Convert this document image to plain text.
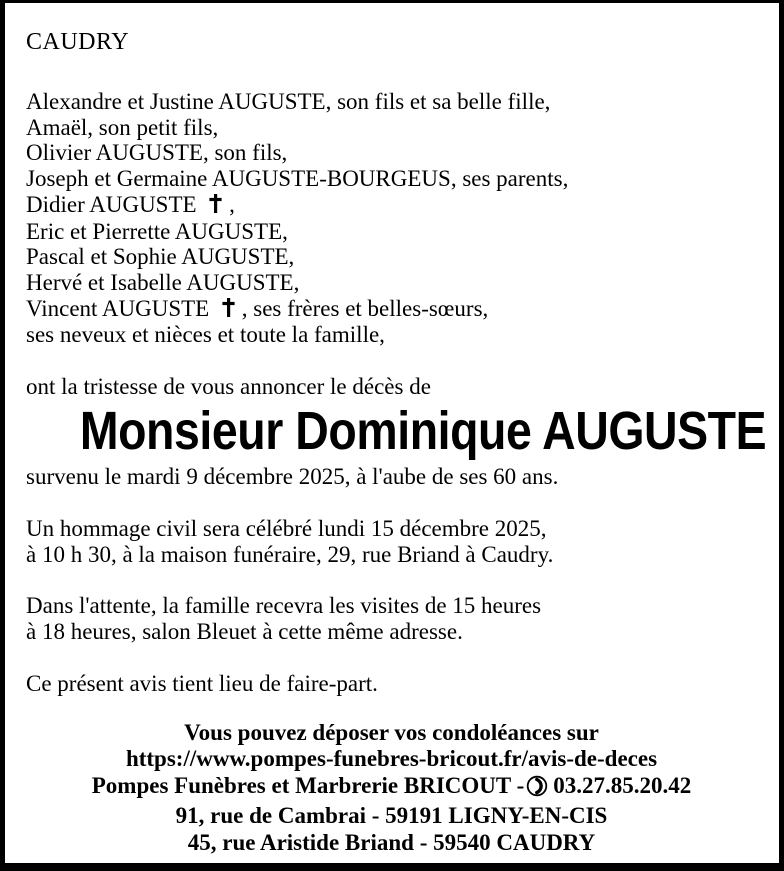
CAUDRY
Alexandre et Justine AUGUSTE, son fils et sa belle fille,
Amaël, son petit fils,
Olivier AUGUSTE, son fils,
Joseph et Germaine AUGUSTE-BOURGEUS, ses parents,
Didier AUGUSTE ,
Eric et Pierrette AUGUSTE,
Pascal et Sophie AUGUSTE,
Hervé et Isabelle AUGUSTE,
Vincent AUGUSTE , ses frères et belles-sœurs,
ses neveux et nièces et toute la famille,
ont la tristesse de vous annoncer le décès de
Monsieur Dominique AUGUSTE
survenu le mardi 9 décembre 2025, à l'aube de ses 60 ans.
Un hommage civil sera célébré lundi 15 décembre 2025,
à 10 h 30, à la maison funéraire, 29, rue Briand à Caudry.
Dans l'attente, la famille recevra les visites de 15 heures
à 18 heures, salon Bleuet à cette même adresse.
Ce présent avis tient lieu de faire-part.
Vous pouvez déposer vos condoléances sur
https://www.pompes-funebres-bricout.fr/avis-de-deces
Pompes Funèbres et Marbrerie BRICOUT - 03.27.85.20.42
91, rue de Cambrai - 59191 LIGNY-EN-CIS
45, rue Aristide Briand - 59540 CAUDRY
